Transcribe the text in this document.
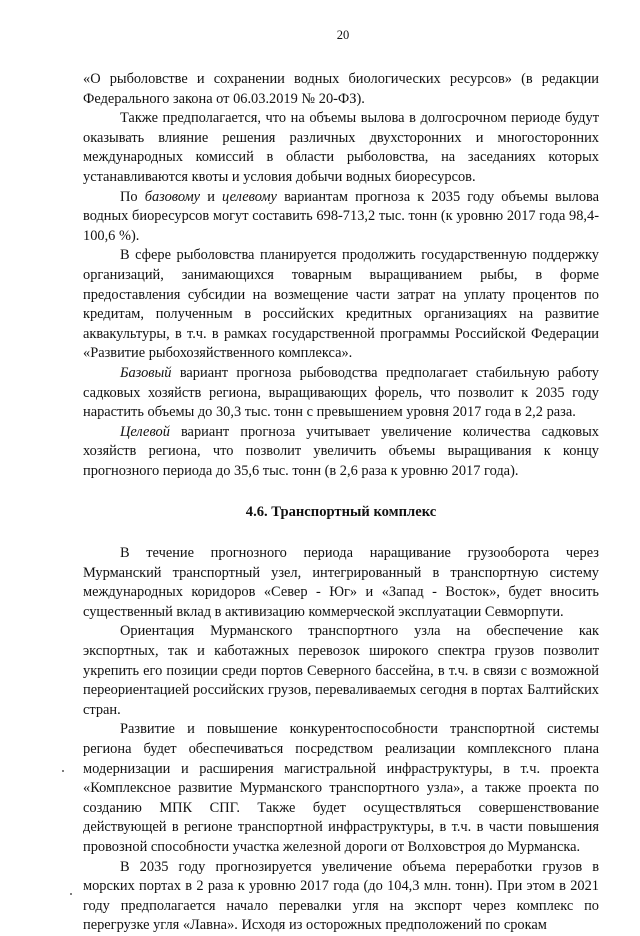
20

«О рыболовстве и сохранении водных биологических ресурсов» (в редакции Федерального закона от 06.03.2019 № 20-ФЗ).

Также предполагается, что на объемы вылова в долгосрочном периоде будут оказывать влияние решения различных двухсторонних и многосторонних международных комиссий в области рыболовства, на заседаниях которых устанавливаются квоты и условия добычи водных биоресурсов.

По базовому и целевому вариантам прогноза к 2035 году объемы вылова водных биоресурсов могут составить 698-713,2 тыс. тонн (к уровню 2017 года 98,4-100,6 %).

В сфере рыболовства планируется продолжить государственную поддержку организаций, занимающихся товарным выращиванием рыбы, в форме предоставления субсидии на возмещение части затрат на уплату процентов по кредитам, полученным в российских кредитных организациях на развитие аквакультуры, в т.ч. в рамках государственной программы Российской Федерации «Развитие рыбохозяйственного комплекса».

Базовый вариант прогноза рыбоводства предполагает стабильную работу садковых хозяйств региона, выращивающих форель, что позволит к 2035 году нарастить объемы до 30,3 тыс. тонн с превышением уровня 2017 года в 2,2 раза.

Целевой вариант прогноза учитывает увеличение количества садковых хозяйств региона, что позволит увеличить объемы выращивания к концу прогнозного периода до 35,6 тыс. тонн (в 2,6 раза к уровню 2017 года).

4.6. Транспортный комплекс

В течение прогнозного периода наращивание грузооборота через Мурманский транспортный узел, интегрированный в транспортную систему международных коридоров «Север - Юг» и «Запад - Восток», будет вносить существенный вклад в активизацию коммерческой эксплуатации Севморпути.

Ориентация Мурманского транспортного узла на обеспечение как экспортных, так и каботажных перевозок широкого спектра грузов позволит укрепить его позиции среди портов Северного бассейна, в т.ч. в связи с возможной переориентацией российских грузов, переваливаемых сегодня в портах Балтийских стран.

Развитие и повышение конкурентоспособности транспортной системы региона будет обеспечиваться посредством реализации комплексного плана модернизации и расширения магистральной инфраструктуры, в т.ч. проекта «Комплексное развитие Мурманского транспортного узла», а также проекта по созданию МПК СПГ. Также будет осуществляться совершенствование действующей в регионе транспортной инфраструктуры, в т.ч. в части повышения провозной способности участка железной дороги от Волховстроя до Мурманска.

В 2035 году прогнозируется увеличение объема переработки грузов в морских портах в 2 раза к уровню 2017 года (до 104,3 млн. тонн). При этом в 2021 году предполагается начало перевалки угля на экспорт через комплекс по перегрузке угля «Лавна». Исходя из осторожных предположений по срокам
